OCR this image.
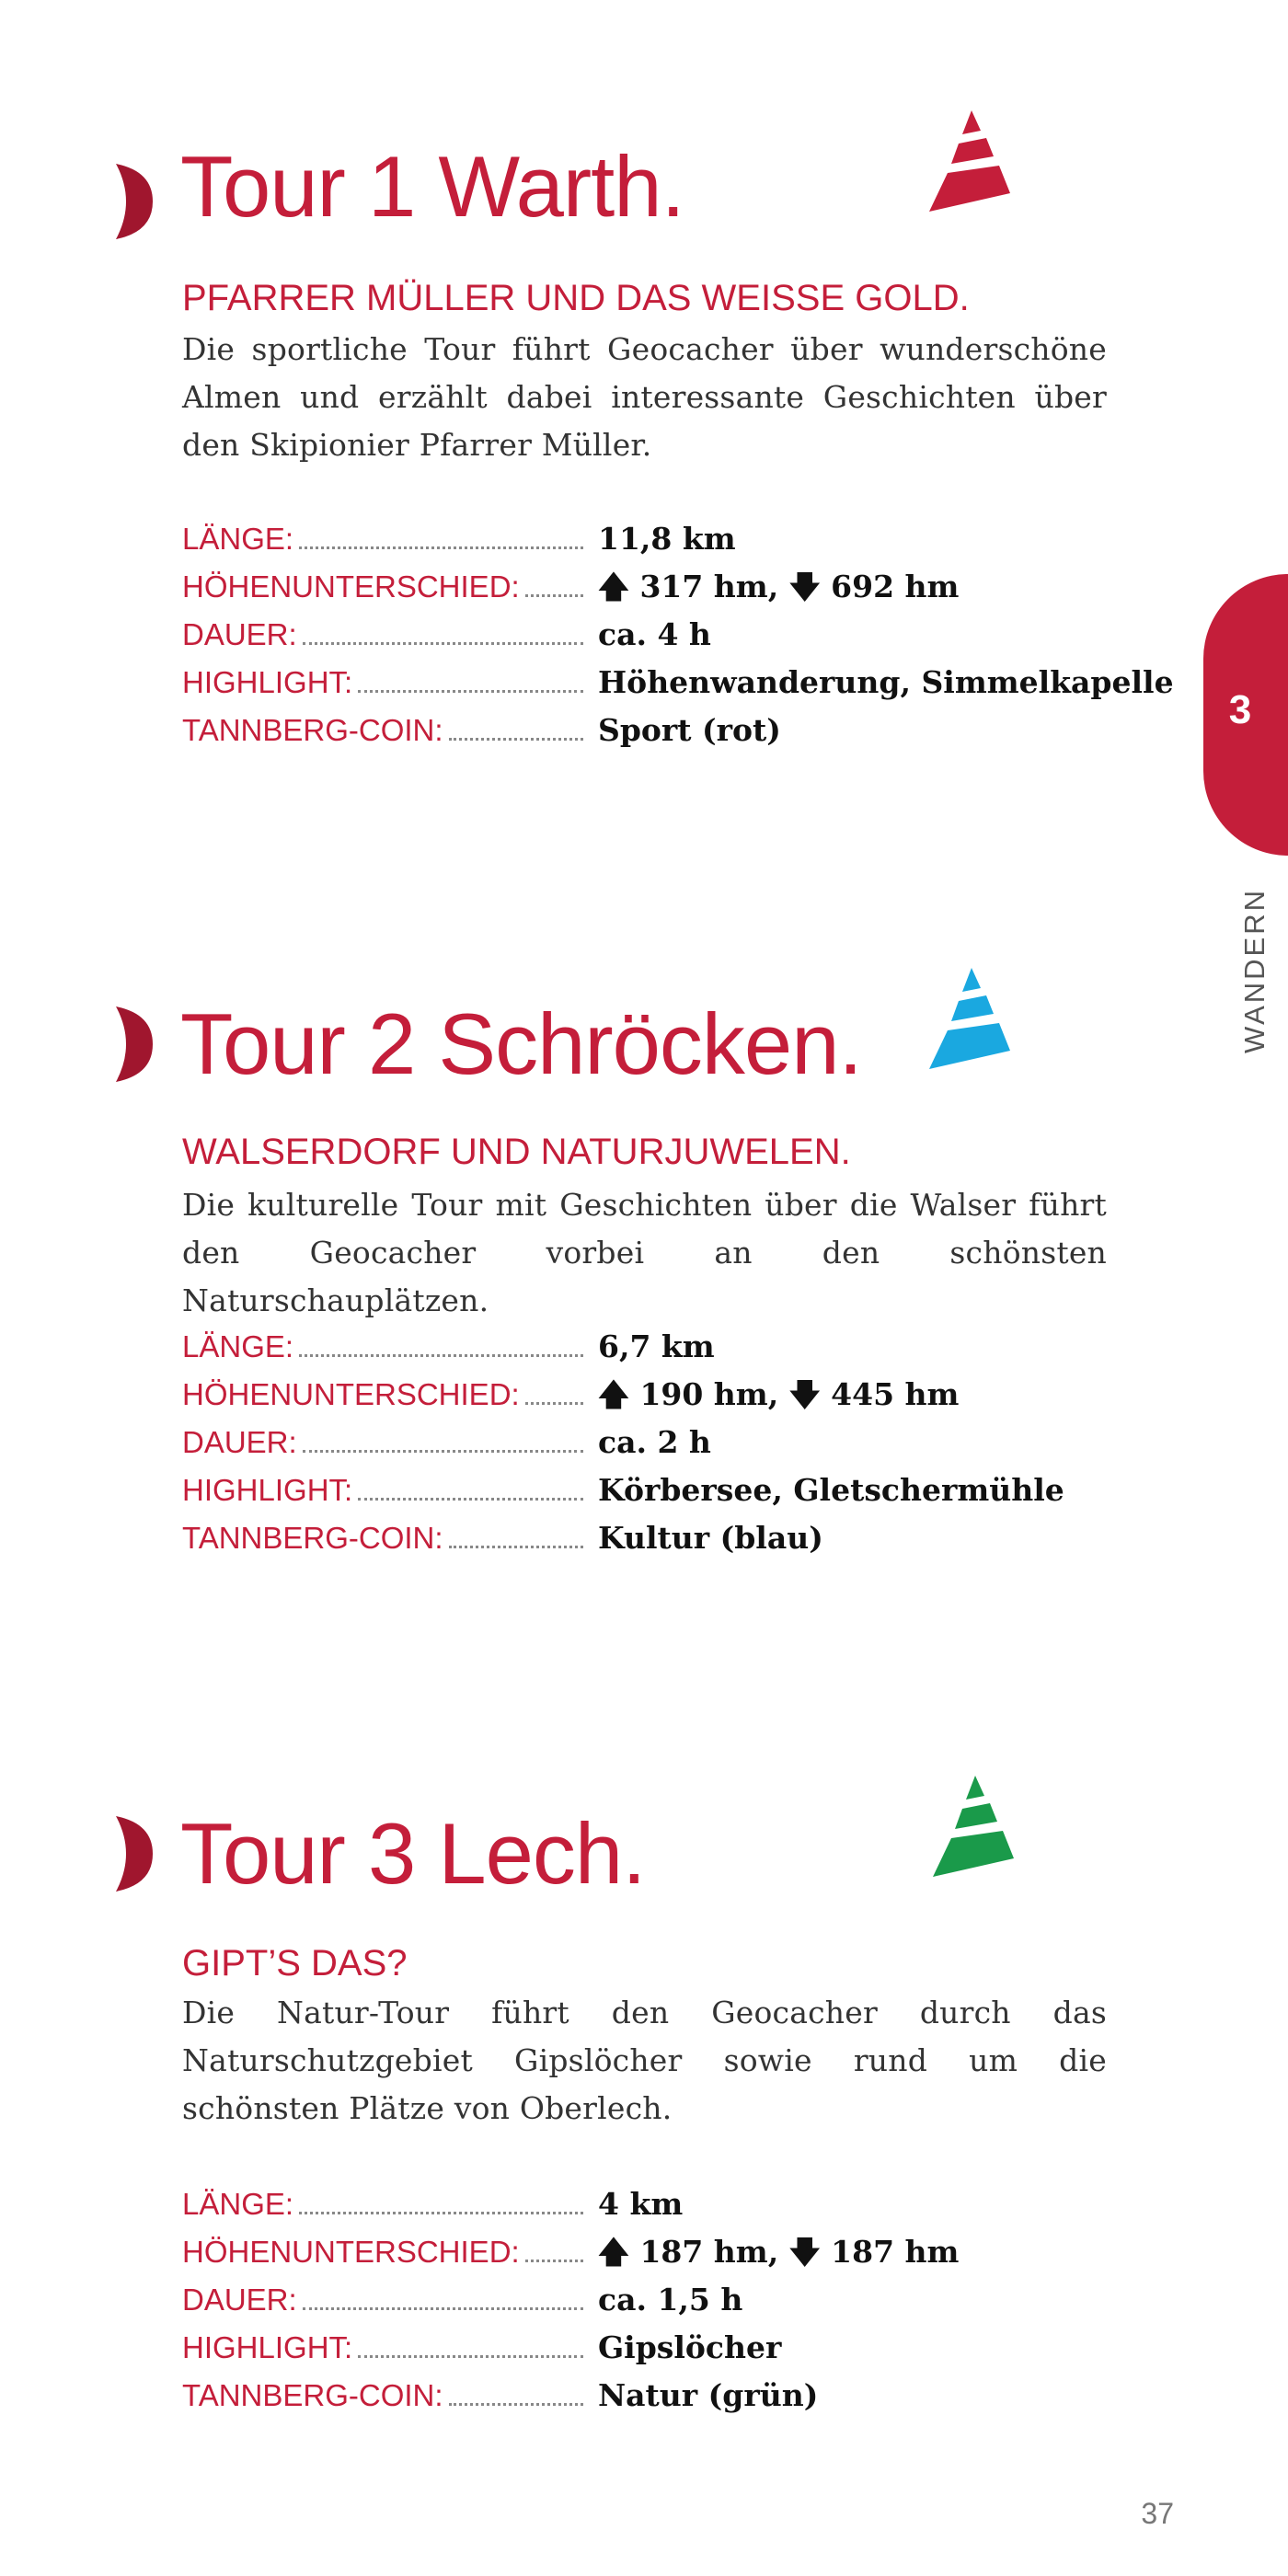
3
WANDERN
Tour 1 Warth.
PFARRER MÜLLER UND DAS WEISSE GOLD.

Die sportliche Tour führt Geocacher über wunderschöne Almen und erzählt dabei interessante Geschichten über den Skipionier Pfarrer Müller.

LÄNGE:	11,8 km
HÖHENUNTERSCHIED:	🡅 317 hm, 🡇 692 hm
DAUER:	ca. 4 h
HIGHLIGHT:	Höhenwanderung, Simmelkapelle
TANNBERG-COIN:	Sport (rot)
Tour 2 Schröcken.
WALSERDORF UND NATURJUWELEN.

Die kulturelle Tour mit Geschichten über die Walser führt den Geocacher vorbei an den schönsten Naturschauplätzen.

LÄNGE:	6,7 km
HÖHENUNTERSCHIED:	🡅 190 hm, 🡇 445 hm
DAUER:	ca. 2 h
HIGHLIGHT:	Körbersee, Gletschermühle
TANNBERG-COIN:	Kultur (blau)
Tour 3 Lech.
GIPT’S DAS?

Die Natur-Tour führt den Geocacher durch das Naturschutzgebiet Gipslöcher sowie rund um die schönsten Plätze von Oberlech.

LÄNGE:	4 km
HÖHENUNTERSCHIED:	🡅 187 hm, 🡇 187 hm
DAUER:	ca. 1,5 h
HIGHLIGHT:	Gipslöcher
TANNBERG-COIN:	Natur (grün)
37
